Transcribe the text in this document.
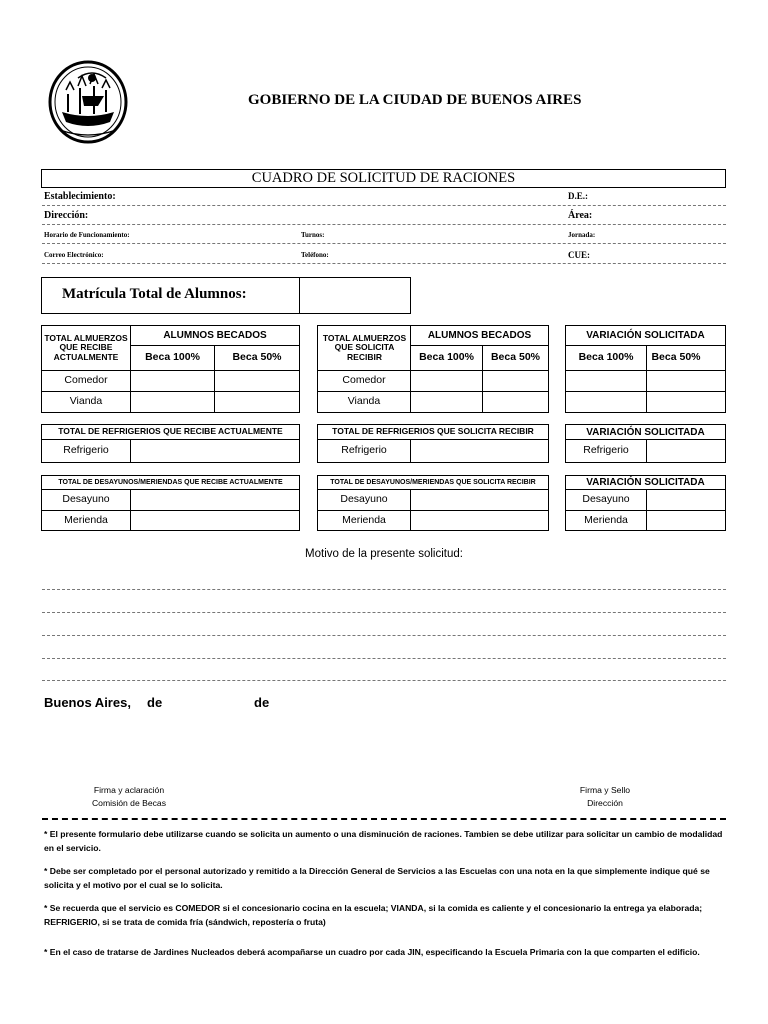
GOBIERNO DE LA CIUDAD DE BUENOS AIRES
CUADRO DE SOLICITUD DE RACIONES
Establecimiento:	D.E.:
Dirección:	Área:
Horario de Funcionamiento:	Turnos:	Jornada:
Correo Electrónico:	Teléfono:	CUE:
Matrícula Total de Alumnos:
TOTAL ALMUERZOS QUE RECIBE ACTUALMENTE
ALUMNOS BECADOS
Beca 100%	Beca 50%
Comedor
Vianda
TOTAL ALMUERZOS QUE SOLICITA RECIBIR
ALUMNOS BECADOS
Beca 100%	Beca 50%
Comedor
Vianda
VARIACIÓN SOLICITADA
Beca 100%	Beca 50%
TOTAL DE REFRIGERIOS QUE RECIBE ACTUALMENTE
Refrigerio
TOTAL DE REFRIGERIOS QUE SOLICITA RECIBIR
Refrigerio
VARIACIÓN SOLICITADA
Refrigerio
TOTAL DE DESAYUNOS/MERIENDAS QUE RECIBE ACTUALMENTE
Desayuno
Merienda
TOTAL DE DESAYUNOS/MERIENDAS QUE SOLICITA RECIBIR
Desayuno
Merienda
VARIACIÓN SOLICITADA
Desayuno
Merienda
Motivo de la presente solicitud:
Buenos Aires, de	de
Firma y aclaración
Comisión de Becas
Firma y Sello
Dirección
* El presente formulario debe utilizarse cuando se solicita un aumento o una disminución de raciones. Tambien se debe utilizar para solicitar un cambio de modalidad en el servicio.
* Debe ser completado por el personal autorizado y remitido a la Dirección General de Servicios a las Escuelas con una nota en la que simplemente indique qué se solicita y el motivo por el cual se lo solicita.
* Se recuerda que el servicio es COMEDOR si el concesionario cocina en la escuela; VIANDA, si la comida es caliente y el concesionario la entrega ya elaborada; REFRIGERIO, si se trata de comida fría (sándwich, repostería o fruta)
* En el caso de tratarse de Jardines Nucleados deberá acompañarse un cuadro por cada JIN, especificando la Escuela Primaria con la que comparten el edificio.
